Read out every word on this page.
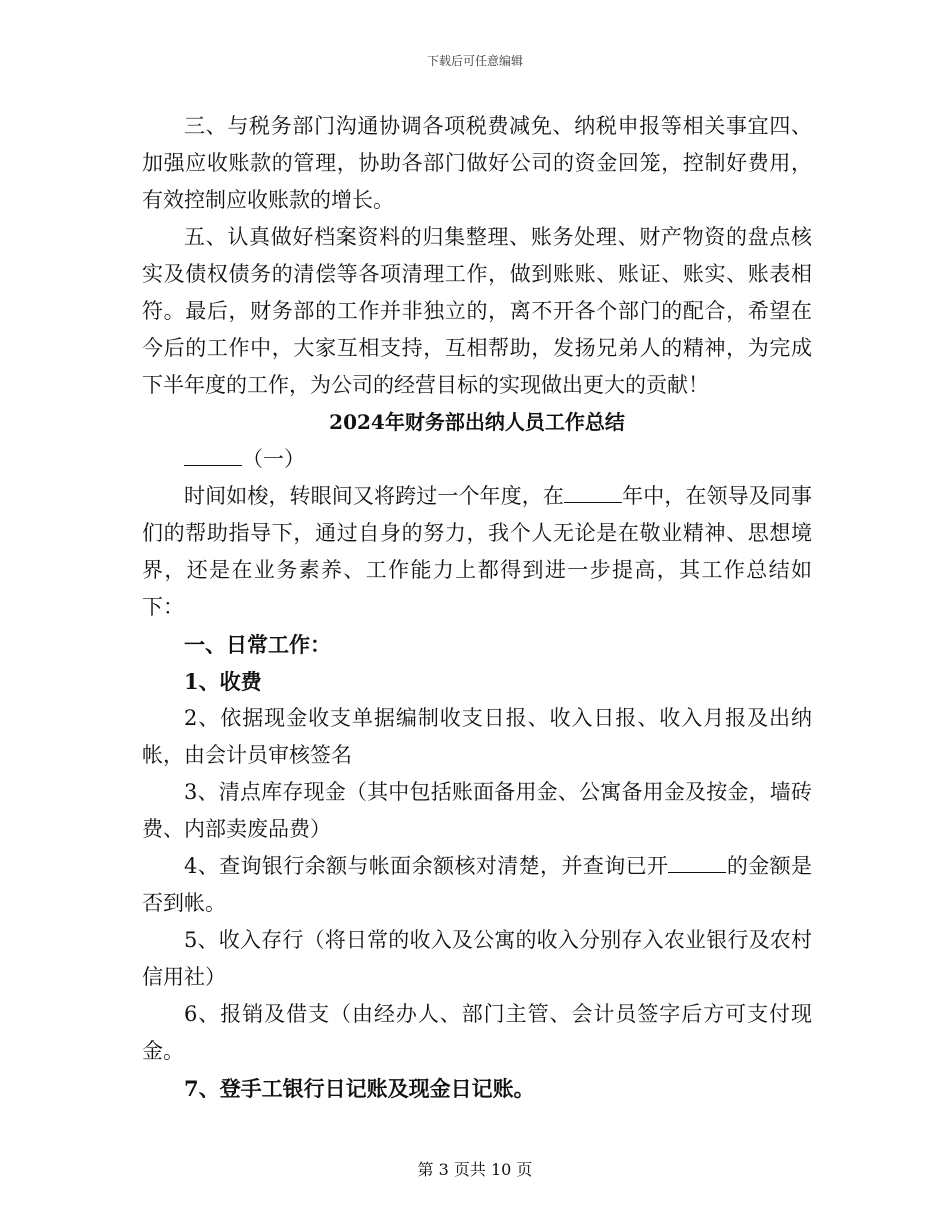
下载后可任意编辑

三、与税务部门沟通协调各项税费减免、纳税申报等相关事宜四、加强应收账款的管理，协助各部门做好公司的资金回笼，控制好费用，有效控制应收账款的增长。

五、认真做好档案资料的归集整理、账务处理、财产物资的盘点核实及债权债务的清偿等各项清理工作，做到账账、账证、账实、账表相符。最后，财务部的工作并非独立的，离不开各个部门的配合，希望在今后的工作中，大家互相支持，互相帮助，发扬兄弟人的精神，为完成下半年度的工作，为公司的经营目标的实现做出更大的贡献！

2024年财务部出纳人员工作总结

（一）

时间如梭，转眼间又将跨过一个年度，在	年中，在领导及同事们的帮助指导下，通过自身的努力，我个人无论是在敬业精神、思想境界，还是在业务素养、工作能力上都得到进一步提高，其工作总结如下：

一、日常工作：

1、收费

2、依据现金收支单据编制收支日报、收入日报、收入月报及出纳帐，由会计员审核签名

3、清点库存现金（其中包括账面备用金、公寓备用金及按金，墙砖费、内部卖废品费）

4、查询银行余额与帐面余额核对清楚，并查询已开	的金额是否到帐。

5、收入存行（将日常的收入及公寓的收入分别存入农业银行及农村信用社）

6、报销及借支（由经办人、部门主管、会计员签字后方可支付现金。

7、登手工银行日记账及现金日记账。

第 3 页共 10 页
